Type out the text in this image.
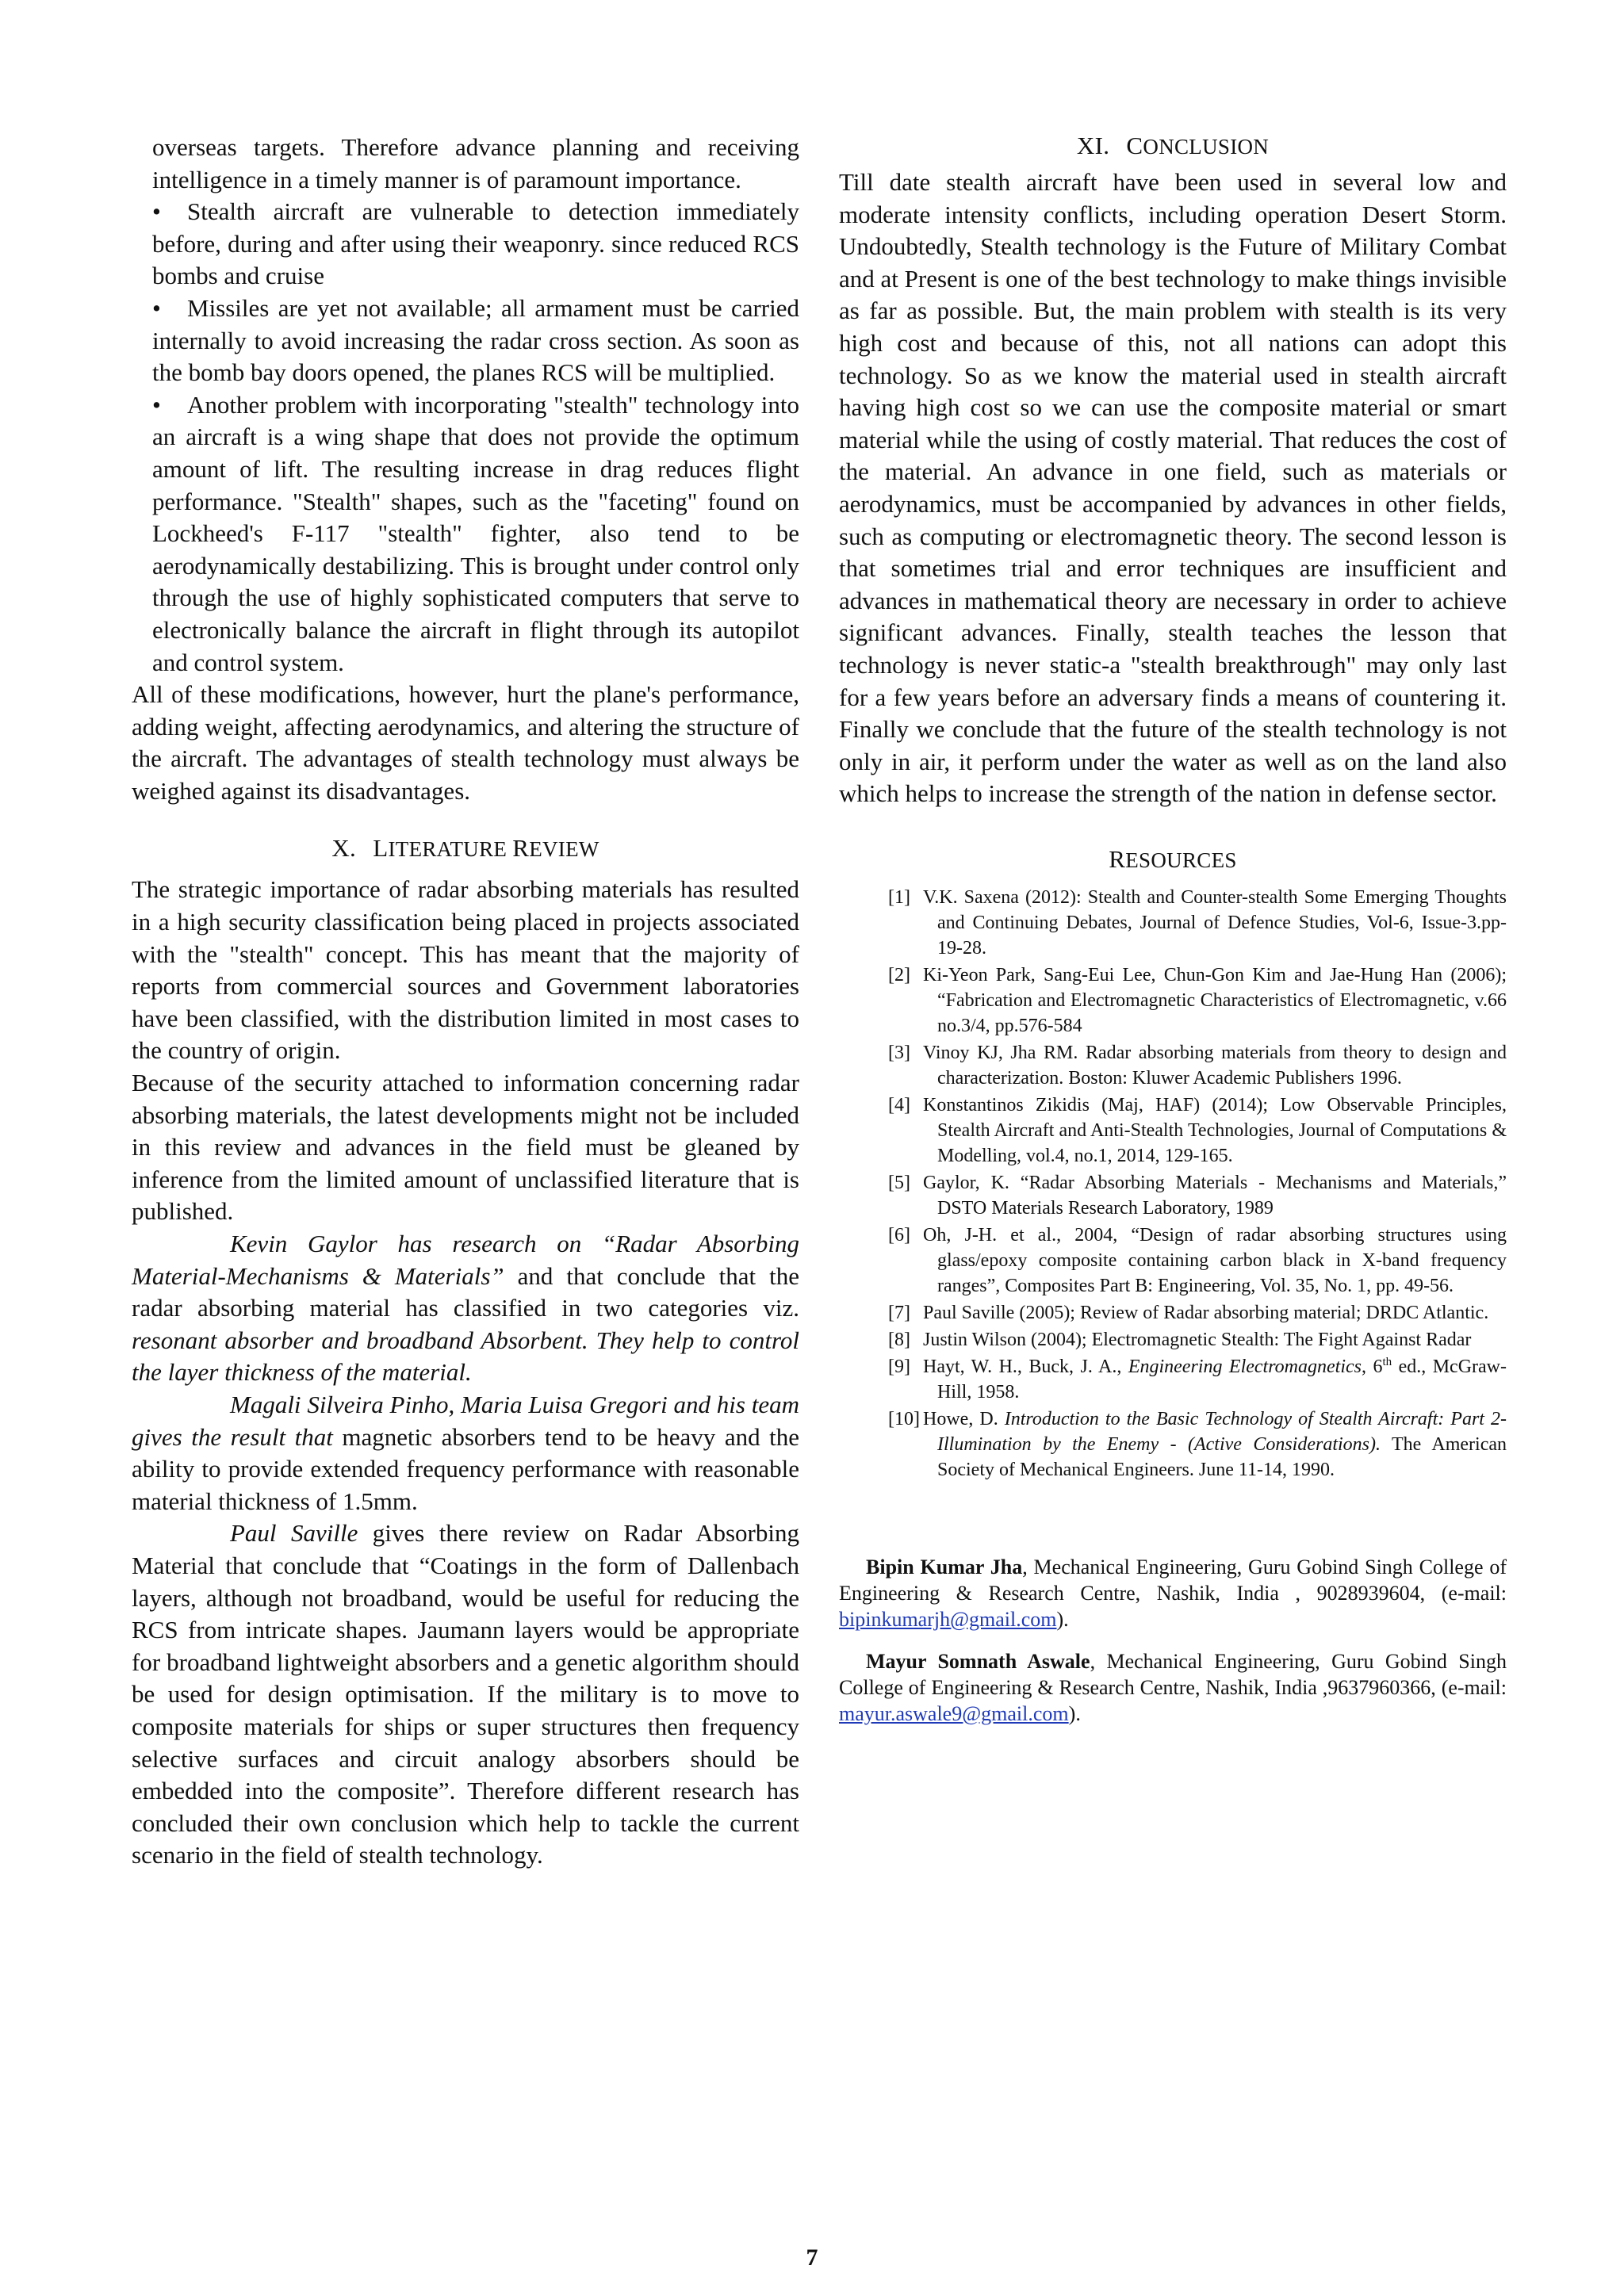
overseas targets. Therefore advance planning and receiving intelligence in a timely manner is of paramount importance.

• Stealth aircraft are vulnerable to detection immediately before, during and after using their weaponry. since reduced RCS bombs and cruise

• Missiles are yet not available; all armament must be carried internally to avoid increasing the radar cross section. As soon as the bomb bay doors opened, the planes RCS will be multiplied.

• Another problem with incorporating "stealth" technology into an aircraft is a wing shape that does not provide the optimum amount of lift. The resulting increase in drag reduces flight performance. "Stealth" shapes, such as the "faceting" found on Lockheed's F-117 "stealth" fighter, also tend to be aerodynamically destabilizing. This is brought under control only through the use of highly sophisticated computers that serve to electronically balance the aircraft in flight through its autopilot and control system.

All of these modifications, however, hurt the plane's performance, adding weight, affecting aerodynamics, and altering the structure of the aircraft. The advantages of stealth technology must always be weighed against its disadvantages.

X. LITERATURE REVIEW

The strategic importance of radar absorbing materials has resulted in a high security classification being placed in projects associated with the "stealth" concept. This has meant that the majority of reports from commercial sources and Government laboratories have been classified, with the distribution limited in most cases to the country of origin.

Because of the security attached to information concerning radar absorbing materials, the latest developments might not be included in this review and advances in the field must be gleaned by inference from the limited amount of unclassified literature that is published.

Kevin Gaylor has research on “Radar Absorbing Material-Mechanisms & Materials” and that conclude that the radar absorbing material has classified in two categories viz. resonant absorber and broadband Absorbent. They help to control the layer thickness of the material.

Magali Silveira Pinho, Maria Luisa Gregori and his team gives the result that magnetic absorbers tend to be heavy and the ability to provide extended frequency performance with reasonable material thickness of 1.5mm.

Paul Saville gives there review on Radar Absorbing Material that conclude that “Coatings in the form of Dallenbach layers, although not broadband, would be useful for reducing the RCS from intricate shapes. Jaumann layers would be appropriate for broadband lightweight absorbers and a genetic algorithm should be used for design optimisation. If the military is to move to composite materials for ships or super structures then frequency selective surfaces and circuit analogy absorbers should be embedded into the composite”. Therefore different research has concluded their own conclusion which help to tackle the current scenario in the field of stealth technology.

XI. CONCLUSION

Till date stealth aircraft have been used in several low and moderate intensity conflicts, including operation Desert Storm. Undoubtedly, Stealth technology is the Future of Military Combat and at Present is one of the best technology to make things invisible as far as possible. But, the main problem with stealth is its very high cost and because of this, not all nations can adopt this technology. So as we know the material used in stealth aircraft having high cost so we can use the composite material or smart material while the using of costly material. That reduces the cost of the material. An advance in one field, such as materials or aerodynamics, must be accompanied by advances in other fields, such as computing or electromagnetic theory. The second lesson is that sometimes trial and error techniques are insufficient and advances in mathematical theory are necessary in order to achieve significant advances. Finally, stealth teaches the lesson that technology is never static-a "stealth breakthrough" may only last for a few years before an adversary finds a means of countering it. Finally we conclude that the future of the stealth technology is not only in air, it perform under the water as well as on the land also which helps to increase the strength of the nation in defense sector.

RESOURCES
[1] V.K. Saxena (2012): Stealth and Counter-stealth Some Emerging Thoughts and Continuing Debates, Journal of Defence Studies, Vol-6, Issue-3.pp- 19-28.
[2] Ki-Yeon Park, Sang-Eui Lee, Chun-Gon Kim and Jae-Hung Han (2006); “Fabrication and Electromagnetic Characteristics of Electromagnetic, v.66 no.3/4, pp.576-584
[3] Vinoy KJ, Jha RM. Radar absorbing materials from theory to design and characterization. Boston: Kluwer Academic Publishers 1996.
[4] Konstantinos Zikidis (Maj, HAF) (2014); Low Observable Principles, Stealth Aircraft and Anti-Stealth Technologies, Journal of Computations & Modelling, vol.4, no.1, 2014, 129-165.
[5] Gaylor, K. “Radar Absorbing Materials - Mechanisms and Materials,” DSTO Materials Research Laboratory, 1989
[6] Oh, J-H. et al., 2004, “Design of radar absorbing structures using glass/epoxy composite containing carbon black in X-band frequency ranges”, Composites Part B: Engineering, Vol. 35, No. 1, pp. 49-56.
[7] Paul Saville (2005); Review of Radar absorbing material; DRDC Atlantic.
[8] Justin Wilson (2004); Electromagnetic Stealth: The Fight Against Radar
[9] Hayt, W. H., Buck, J. A., Engineering Electromagnetics, 6th ed., McGraw-Hill, 1958.
[10] Howe, D. Introduction to the Basic Technology of Stealth Aircraft: Part 2-Illumination by the Enemy - (Active Considerations). The American Society of Mechanical Engineers. June 11-14, 1990.

Bipin Kumar Jha, Mechanical Engineering, Guru Gobind Singh College of Engineering & Research Centre, Nashik, India , 9028939604, (e-mail: bipinkumarjh@gmail.com).

Mayur Somnath Aswale, Mechanical Engineering, Guru Gobind Singh College of Engineering & Research Centre, Nashik, India ,9637960366, (e-mail: mayur.aswale9@gmail.com).

7
